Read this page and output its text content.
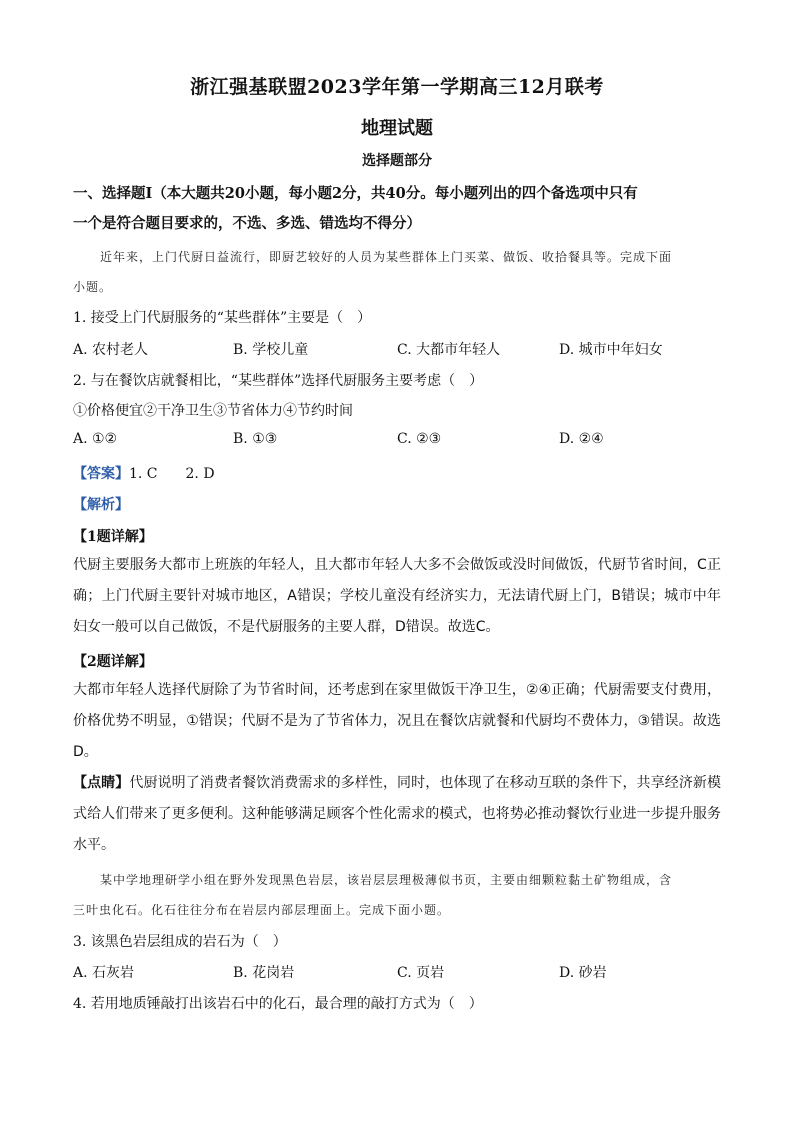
浙江强基联盟2023学年第一学期高三12月联考
地理试题
选择题部分
一、选择题Ⅰ（本大题共20小题，每小题2分，共40分。每小题列出的四个备选项中只有
一个是符合题目要求的，不选、多选、错选均不得分）
近年来，上门代厨日益流行，即厨艺较好的人员为某些群体上门买菜、做饭、收拾餐具等。完成下面
小题。
1. 接受上门代厨服务的“某些群体”主要是（　）
A. 农村老人	B. 学校儿童	C. 大都市年轻人	D. 城市中年妇女
2. 与在餐饮店就餐相比，“某些群体”选择代厨服务主要考虑（　）
①价格便宜②干净卫生③节省体力④节约时间
A. ①②	B. ①③	C. ②③	D. ②④
【答案】1. C　　2. D
【解析】
【1题详解】
代厨主要服务大都市上班族的年轻人，且大都市年轻人大多不会做饭或没时间做饭，代厨节省时间，C正确；上门代厨主要针对城市地区，A错误；学校儿童没有经济实力，无法请代厨上门，B错误；城市中年妇女一般可以自己做饭，不是代厨服务的主要人群，D错误。故选C。
【2题详解】
大都市年轻人选择代厨除了为节省时间，还考虑到在家里做饭干净卫生，②④正确；代厨需要支付费用，价格优势不明显，①错误；代厨不是为了节省体力，况且在餐饮店就餐和代厨均不费体力，③错误。故选D。
【点睛】代厨说明了消费者餐饮消费需求的多样性，同时，也体现了在移动互联的条件下，共享经济新模式给人们带来了更多便利。这种能够满足顾客个性化需求的模式，也将势必推动餐饮行业进一步提升服务水平。
某中学地理研学小组在野外发现黑色岩层，该岩层层理极薄似书页，主要由细颗粒黏土矿物组成，含
三叶虫化石。化石往往分布在岩层内部层理面上。完成下面小题。
3. 该黑色岩层组成的岩石为（　）
A. 石灰岩	B. 花岗岩	C. 页岩	D. 砂岩
4. 若用地质锤敲打出该岩石中的化石，最合理的敲打方式为（　）
